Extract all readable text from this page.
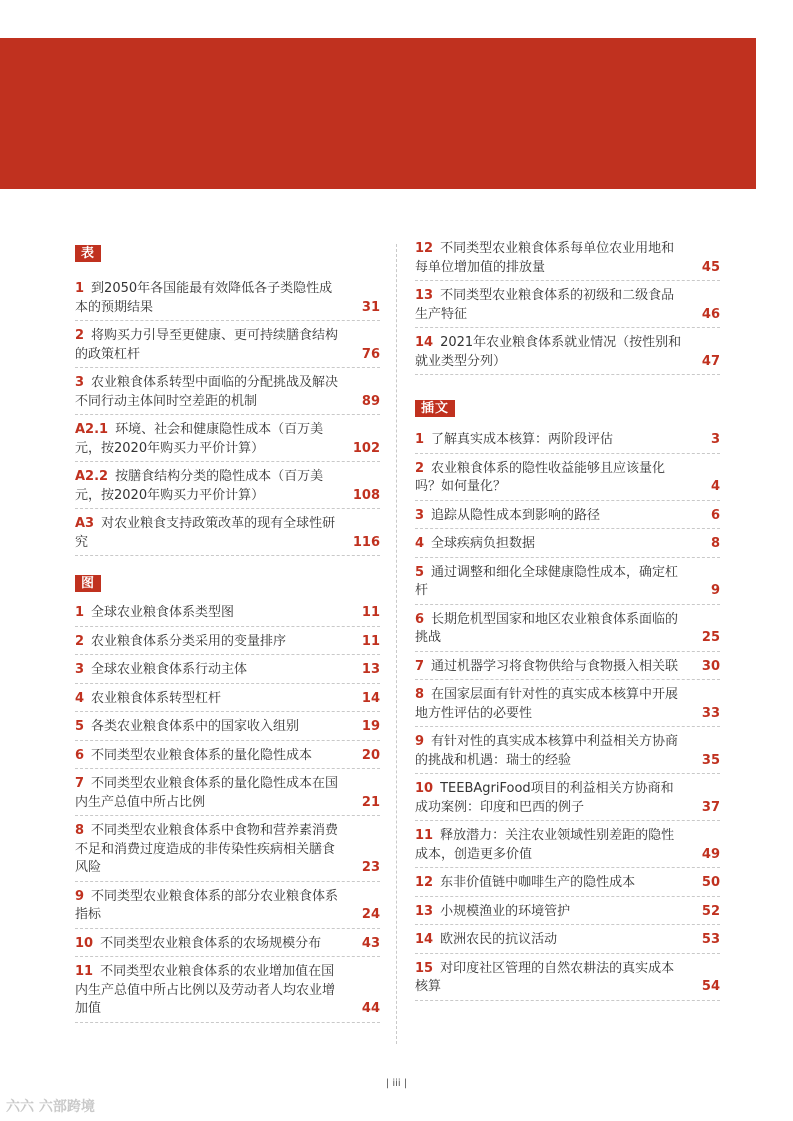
表
1 到2050年各国能最有效降低各子类隐性成本的预期结果	31
2 将购买力引导至更健康、更可持续膳食结构的政策杠杆	76
3 农业粮食体系转型中面临的分配挑战及解决不同行动主体间时空差距的机制	89
A2.1 环境、社会和健康隐性成本（百万美元，按2020年购买力平价计算）	102
A2.2 按膳食结构分类的隐性成本（百万美元，按2020年购买力平价计算）	108
A3 对农业粮食支持政策改革的现有全球性研究	116
图
1 全球农业粮食体系类型图	11
2 农业粮食体系分类采用的变量排序	11
3 全球农业粮食体系行动主体	13
4 农业粮食体系转型杠杆	14
5 各类农业粮食体系中的国家收入组别	19
6 不同类型农业粮食体系的量化隐性成本	20
7 不同类型农业粮食体系的量化隐性成本在国内生产总值中所占比例	21
8 不同类型农业粮食体系中食物和营养素消费不足和消费过度造成的非传染性疾病相关膳食风险	23
9 不同类型农业粮食体系的部分农业粮食体系指标	24
10 不同类型农业粮食体系的农场规模分布	43
11 不同类型农业粮食体系的农业增加值在国内生产总值中所占比例以及劳动者人均农业增加值	44
12 不同类型农业粮食体系每单位农业用地和每单位增加值的排放量	45
13 不同类型农业粮食体系的初级和二级食品生产特征	46
14 2021年农业粮食体系就业情况（按性别和就业类型分列）	47
插文
1 了解真实成本核算：两阶段评估	3
2 农业粮食体系的隐性收益能够且应该量化吗？如何量化？	4
3 追踪从隐性成本到影响的路径	6
4 全球疾病负担数据	8
5 通过调整和细化全球健康隐性成本，确定杠杆	9
6 长期危机型国家和地区农业粮食体系面临的挑战	25
7 通过机器学习将食物供给与食物摄入相关联	30
8 在国家层面有针对性的真实成本核算中开展地方性评估的必要性	33
9 有针对性的真实成本核算中利益相关方协商的挑战和机遇：瑞士的经验	35
10 TEEBAgriFood项目的利益相关方协商和成功案例：印度和巴西的例子	37
11 释放潜力：关注农业领域性别差距的隐性成本，创造更多价值	49
12 东非价值链中咖啡生产的隐性成本	50
13 小规模渔业的环境管护	52
14 欧洲农民的抗议活动	53
15 对印度社区管理的自然农耕法的真实成本核算	54
| iii |
六六 六部跨境
